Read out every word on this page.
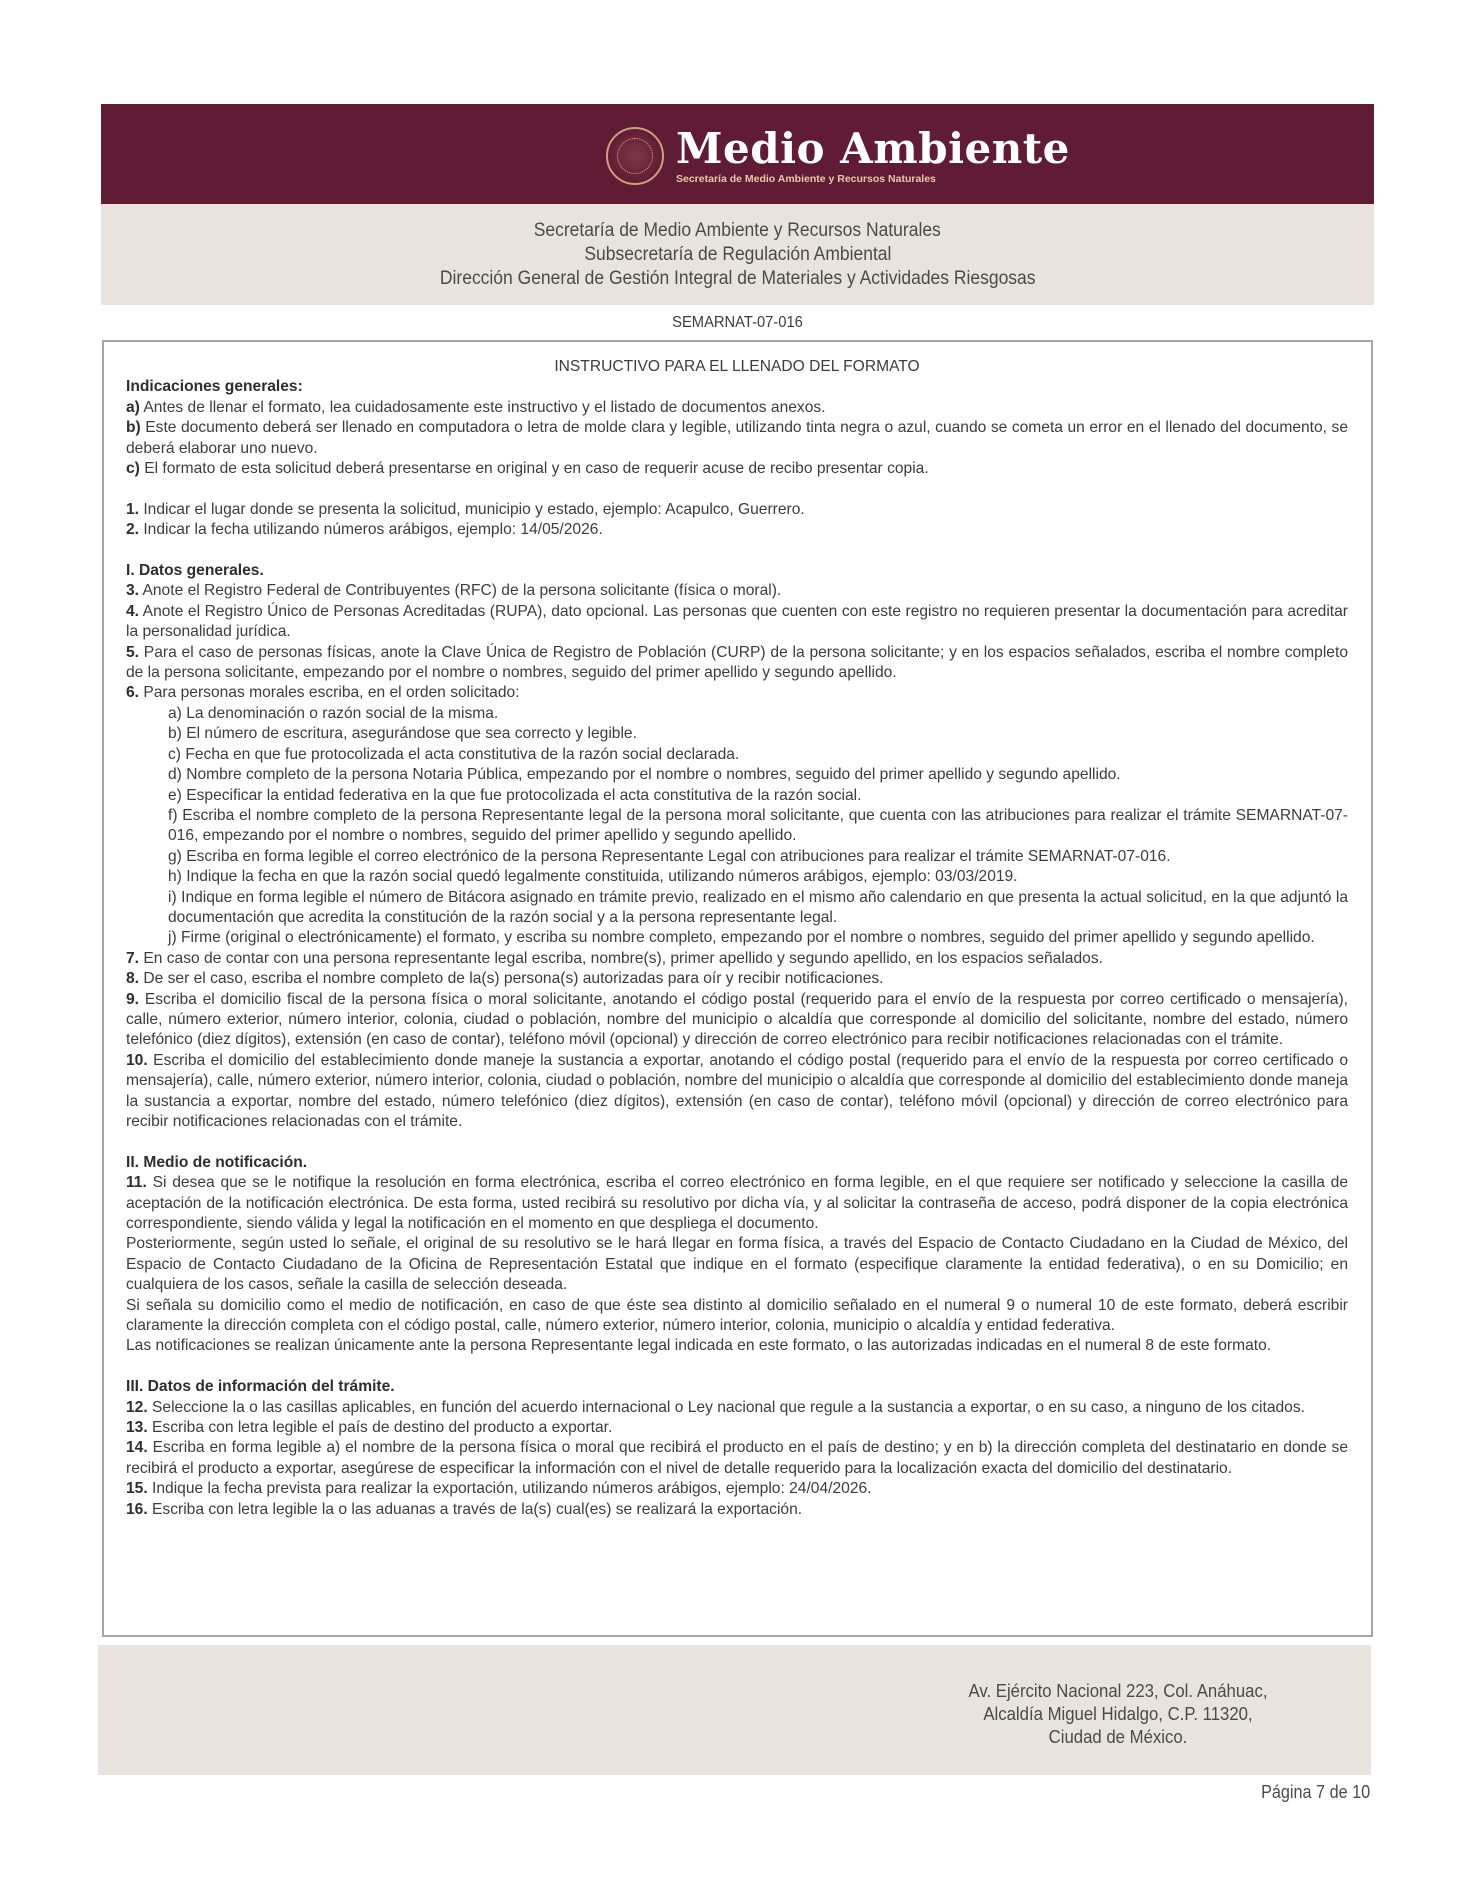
Medio Ambiente
Secretaría de Medio Ambiente y Recursos Naturales
Secretaría de Medio Ambiente y Recursos Naturales
Subsecretaría de Regulación Ambiental
Dirección General de Gestión Integral de Materiales y Actividades Riesgosas
SEMARNAT-07-016
INSTRUCTIVO PARA EL LLENADO DEL FORMATO

Indicaciones generales:

a) Antes de llenar el formato, lea cuidadosamente este instructivo y el listado de documentos anexos.

b) Este documento deberá ser llenado en computadora o letra de molde clara y legible, utilizando tinta negra o azul, cuando se cometa un error en el llenado del documento, se deberá elaborar uno nuevo.

c) El formato de esta solicitud deberá presentarse en original y en caso de requerir acuse de recibo presentar copia.

1. Indicar el lugar donde se presenta la solicitud, municipio y estado, ejemplo: Acapulco, Guerrero.

2. Indicar la fecha utilizando números arábigos, ejemplo: 14/05/2026.

I. Datos generales.

3. Anote el Registro Federal de Contribuyentes (RFC) de la persona solicitante (física o moral).

4. Anote el Registro Único de Personas Acreditadas (RUPA), dato opcional. Las personas que cuenten con este registro no requieren presentar la documentación para acreditar la personalidad jurídica.

5. Para el caso de personas físicas, anote la Clave Única de Registro de Población (CURP) de la persona solicitante; y en los espacios señalados, escriba el nombre completo de la persona solicitante, empezando por el nombre o nombres, seguido del primer apellido y segundo apellido.

6. Para personas morales escriba, en el orden solicitado:

a) La denominación o razón social de la misma.

b) El número de escritura, asegurándose que sea correcto y legible.

c) Fecha en que fue protocolizada el acta constitutiva de la razón social declarada.

d) Nombre completo de la persona Notaria Pública, empezando por el nombre o nombres, seguido del primer apellido y segundo apellido.

e) Especificar la entidad federativa en la que fue protocolizada el acta constitutiva de la razón social.

f) Escriba el nombre completo de la persona Representante legal de la persona moral solicitante, que cuenta con las atribuciones para realizar el trámite SEMARNAT-07-016, empezando por el nombre o nombres, seguido del primer apellido y segundo apellido.

g) Escriba en forma legible el correo electrónico de la persona Representante Legal con atribuciones para realizar el trámite SEMARNAT-07-016.

h) Indique la fecha en que la razón social quedó legalmente constituida, utilizando números arábigos, ejemplo: 03/03/2019.

i) Indique en forma legible el número de Bitácora asignado en trámite previo, realizado en el mismo año calendario en que presenta la actual solicitud, en la que adjuntó la documentación que acredita la constitución de la razón social y a la persona representante legal.

j) Firme (original o electrónicamente) el formato, y escriba su nombre completo, empezando por el nombre o nombres, seguido del primer apellido y segundo apellido.

7. En caso de contar con una persona representante legal escriba, nombre(s), primer apellido y segundo apellido, en los espacios señalados.

8. De ser el caso, escriba el nombre completo de la(s) persona(s) autorizadas para oír y recibir notificaciones.

9. Escriba el domicilio fiscal de la persona física o moral solicitante, anotando el código postal (requerido para el envío de la respuesta por correo certificado o mensajería), calle, número exterior, número interior, colonia, ciudad o población, nombre del municipio o alcaldía que corresponde al domicilio del solicitante, nombre del estado, número telefónico (diez dígitos), extensión (en caso de contar), teléfono móvil (opcional) y dirección de correo electrónico para recibir notificaciones relacionadas con el trámite.

10. Escriba el domicilio del establecimiento donde maneje la sustancia a exportar, anotando el código postal (requerido para el envío de la respuesta por correo certificado o mensajería), calle, número exterior, número interior, colonia, ciudad o población, nombre del municipio o alcaldía que corresponde al domicilio del establecimiento donde maneja la sustancia a exportar, nombre del estado, número telefónico (diez dígitos), extensión (en caso de contar), teléfono móvil (opcional) y dirección de correo electrónico para recibir notificaciones relacionadas con el trámite.

II. Medio de notificación.

11. Si desea que se le notifique la resolución en forma electrónica, escriba el correo electrónico en forma legible, en el que requiere ser notificado y seleccione la casilla de aceptación de la notificación electrónica. De esta forma, usted recibirá su resolutivo por dicha vía, y al solicitar la contraseña de acceso, podrá disponer de la copia electrónica correspondiente, siendo válida y legal la notificación en el momento en que despliega el documento.

Posteriormente, según usted lo señale, el original de su resolutivo se le hará llegar en forma física, a través del Espacio de Contacto Ciudadano en la Ciudad de México, del Espacio de Contacto Ciudadano de la Oficina de Representación Estatal que indique en el formato (especifique claramente la entidad federativa), o en su Domicilio; en cualquiera de los casos, señale la casilla de selección deseada.

Si señala su domicilio como el medio de notificación, en caso de que éste sea distinto al domicilio señalado en el numeral 9 o numeral 10 de este formato, deberá escribir claramente la dirección completa con el código postal, calle, número exterior, número interior, colonia, municipio o alcaldía y entidad federativa.

Las notificaciones se realizan únicamente ante la persona Representante legal indicada en este formato, o las autorizadas indicadas en el numeral 8 de este formato.

III. Datos de información del trámite.

12. Seleccione la o las casillas aplicables, en función del acuerdo internacional o Ley nacional que regule a la sustancia a exportar, o en su caso, a ninguno de los citados.

13. Escriba con letra legible el país de destino del producto a exportar.

14. Escriba en forma legible a) el nombre de la persona física o moral que recibirá el producto en el país de destino; y en b) la dirección completa del destinatario en donde se recibirá el producto a exportar, asegúrese de especificar la información con el nivel de detalle requerido para la localización exacta del domicilio del destinatario.

15. Indique la fecha prevista para realizar la exportación, utilizando números arábigos, ejemplo: 24/04/2026.

16. Escriba con letra legible la o las aduanas a través de la(s) cual(es) se realizará la exportación.

Av. Ejército Nacional 223, Col. Anáhuac,
Alcaldía Miguel Hidalgo, C.P. 11320,
Ciudad de México.
Página 7 de 10
